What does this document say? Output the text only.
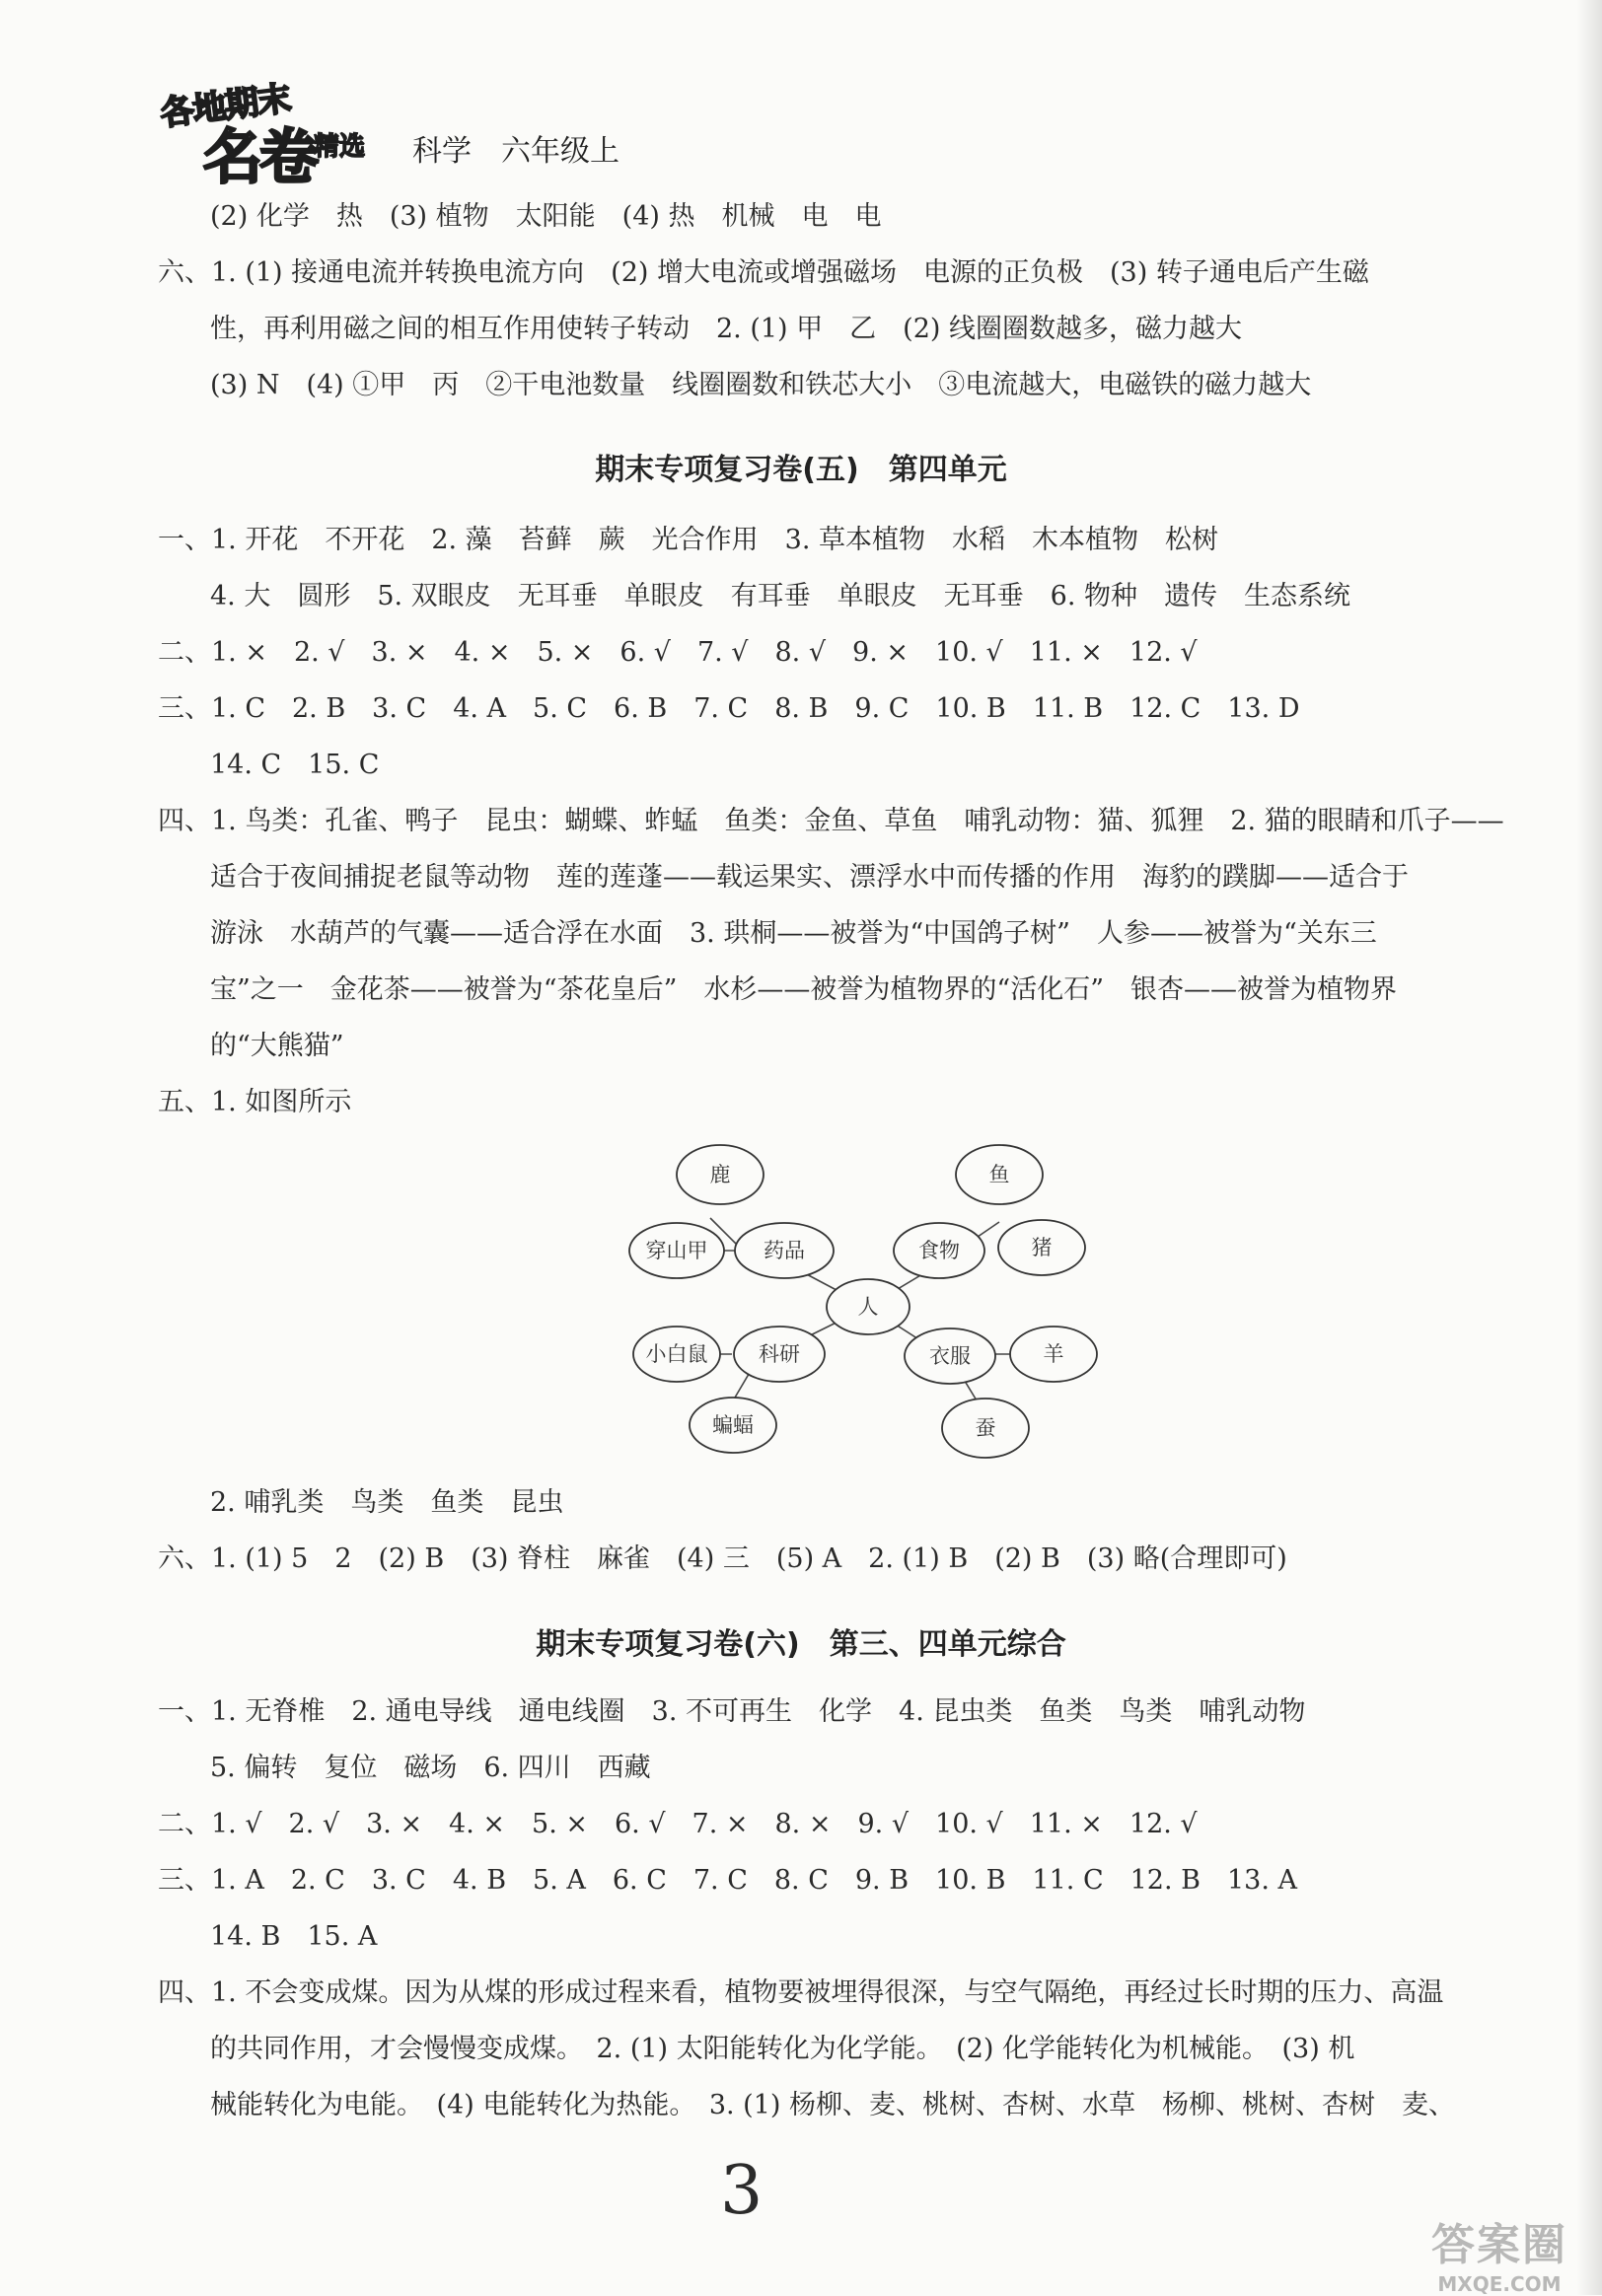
各地期末
名卷
精选 科学　六年级上
(2) 化学　热　(3) 植物　太阳能　(4) 热　机械　电　电
六、1. (1) 接通电流并转换电流方向　(2) 增大电流或增强磁场　电源的正负极　(3) 转子通电后产生磁
性，再利用磁之间的相互作用使转子转动　2. (1) 甲　乙　(2) 线圈圈数越多，磁力越大
(3) N　(4) ①甲　丙　②干电池数量　线圈圈数和铁芯大小　③电流越大，电磁铁的磁力越大
期末专项复习卷(五)　第四单元
一、1. 开花　不开花　2. 藻　苔藓　蕨　光合作用　3. 草本植物　水稻　木本植物　松树
4. 大　圆形　5. 双眼皮　无耳垂　单眼皮　有耳垂　单眼皮　无耳垂　6. 物种　遗传　生态系统
二、1. ×　2. √　3. ×　4. ×　5. ×　6. √　7. √　8. √　9. ×　10. √　11. ×　12. √
三、1. C　2. B　3. C　4. A　5. C　6. B　7. C　8. B　9. C　10. B　11. B　12. C　13. D
14. C　15. C
四、1. 鸟类：孔雀、鸭子　昆虫：蝴蝶、蚱蜢　鱼类：金鱼、草鱼　哺乳动物：猫、狐狸　2. 猫的眼睛和爪子——
适合于夜间捕捉老鼠等动物　莲的莲蓬——载运果实、漂浮水中而传播的作用　海豹的蹼脚——适合于
游泳　水葫芦的气囊——适合浮在水面　3. 珙桐——被誉为“中国鸽子树”　人参——被誉为“关东三
宝”之一　金花茶——被誉为“茶花皇后”　水杉——被誉为植物界的“活化石”　银杏——被誉为植物界
的“大熊猫”
五、1. 如图所示
人
药品	食物
科研	衣服
鹿
穿山甲
鱼
猪
小白鼠
蝙蝠
羊
蚕
2. 哺乳类　鸟类　鱼类　昆虫
六、1. (1) 5　2　(2) B　(3) 脊柱　麻雀　(4) 三　(5) A　2. (1) B　(2) B　(3) 略(合理即可)
期末专项复习卷(六)　第三、四单元综合
一、1. 无脊椎　2. 通电导线　通电线圈　3. 不可再生　化学　4. 昆虫类　鱼类　鸟类　哺乳动物
5. 偏转　复位　磁场　6. 四川　西藏
二、1. √　2. √　3. ×　4. ×　5. ×　6. √　7. ×　8. ×　9. √　10. √　11. ×　12. √
三、1. A　2. C　3. C　4. B　5. A　6. C　7. C　8. C　9. B　10. B　11. C　12. B　13. A
14. B　15. A
四、1. 不会变成煤。因为从煤的形成过程来看，植物要被埋得很深，与空气隔绝，再经过长时期的压力、高温
的共同作用，才会慢慢变成煤。　2. (1) 太阳能转化为化学能。　(2) 化学能转化为机械能。　(3) 机
械能转化为电能。　(4) 电能转化为热能。　3. (1) 杨柳、麦、桃树、杏树、水草　杨柳、桃树、杏树　麦、
3
答案圈
MXQE.COM
